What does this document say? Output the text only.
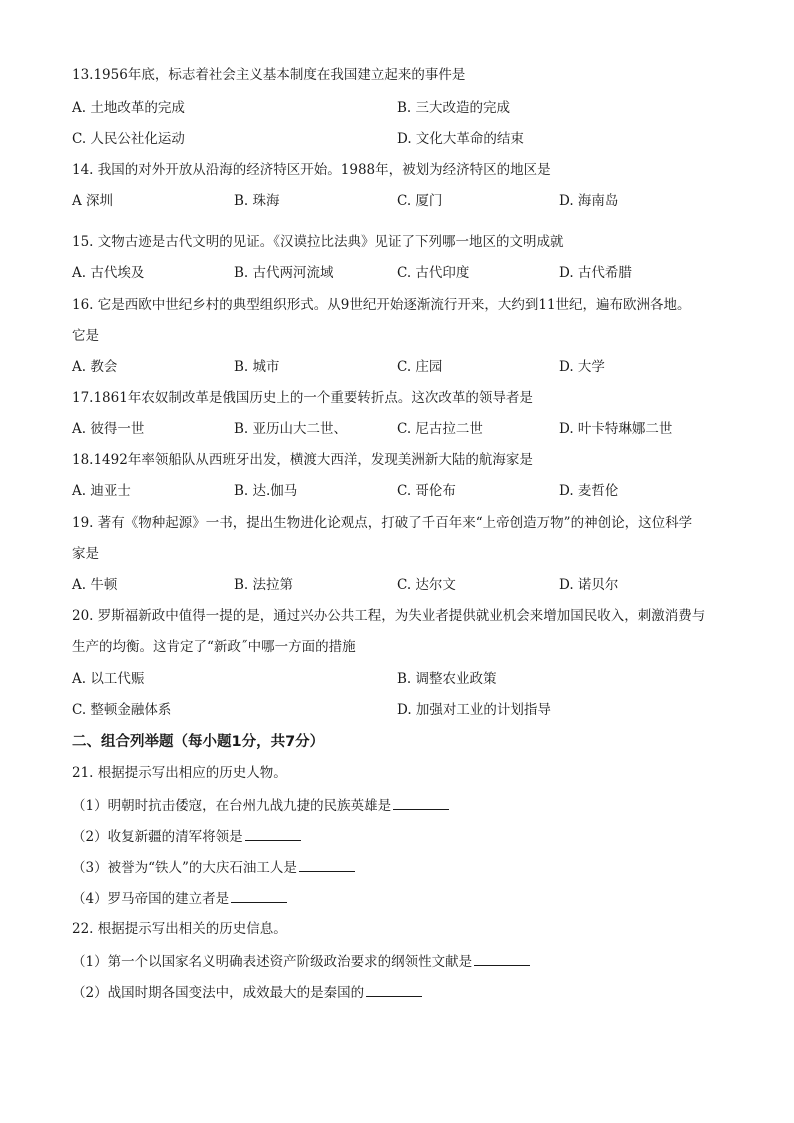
13.1956年底，标志着社会主义基本制度在我国建立起来的事件是
A. 土地改革的完成	B. 三大改造的完成
C. 人民公社化运动	D. 文化大革命的结束
14. 我国的对外开放从沿海的经济特区开始。1988年，被划为经济特区的地区是
A 深圳	B. 珠海	C. 厦门	D. 海南岛
15. 文物古迹是古代文明的见证。《汉谟拉比法典》见证了下列哪一地区的文明成就
A. 古代埃及	B. 古代两河流域	C. 古代印度	D. 古代希腊
16. 它是西欧中世纪乡村的典型组织形式。从9世纪开始逐渐流行开来，大约到11世纪，遍布欧洲各地。
它是
A. 教会	B. 城市	C. 庄园	D. 大学
17.1861年农奴制改革是俄国历史上的一个重要转折点。这次改革的领导者是
A. 彼得一世	B. 亚历山大二世、	C. 尼古拉二世	D. 叶卡特琳娜二世
18.1492年率领船队从西班牙出发，横渡大西洋，发现美洲新大陆的航海家是
A. 迪亚士	B. 达.伽马	C. 哥伦布	D. 麦哲伦
19. 著有《物种起源》一书，提出生物进化论观点，打破了千百年来“上帝创造万物”的神创论，这位科学
家是
A. 牛顿	B. 法拉第	C. 达尔文	D. 诺贝尔
20. 罗斯福新政中值得一提的是，通过兴办公共工程，为失业者提供就业机会来增加国民收入，刺激消费与
生产的均衡。这肯定了“新政˝中哪一方面的措施
A. 以工代赈	B. 调整农业政策
C. 整顿金融体系	D. 加强对工业的计划指导
二、组合列举题（每小题1分，共7分）
21. 根据提示写出相应的历史人物。
（1）明朝时抗击倭寇，在台州九战九捷的民族英雄是
（2）收复新疆的清军将领是
（3）被誉为“铁人”的大庆石油工人是
（4）罗马帝国的建立者是
22. 根据提示写出相关的历史信息。
（1）第一个以国家名义明确表述资产阶级政治要求的纲领性文献是
（2）战国时期各国变法中，成效最大的是秦国的
